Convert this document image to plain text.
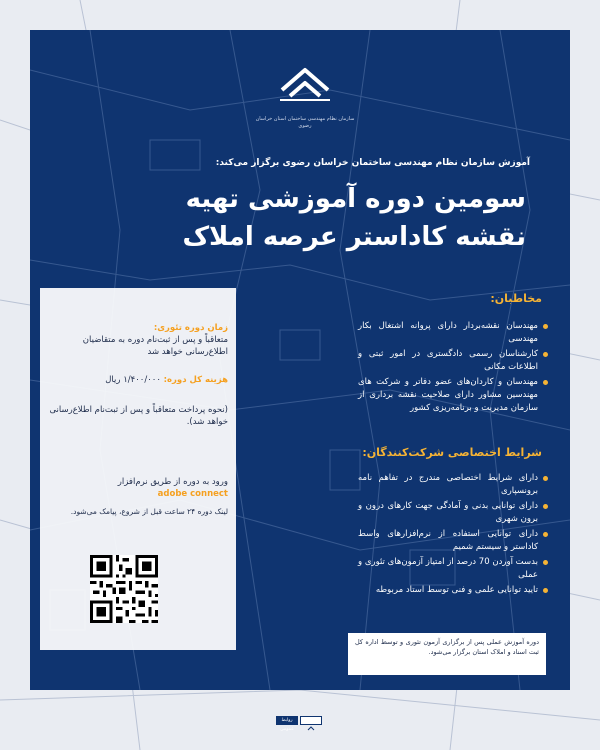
سازمان نظام مهندسی ساختمان استان خراسان رضوی
آموزش سازمان نظام مهندسی ساختمان خراسان رضوی برگزار می‌کند:
سومین دوره آموزشی تهیه
نقشه کاداستر عرصه املاک
مخاطبان:
مهندسان نقشه‌بردار دارای پروانه اشتغال بکار مهندسی
کارشناسان رسمی دادگستری در امور ثبتی و اطلاعات مکانی
مهندسان و کاردان‌های عضو دفاتر و شرکت های مهندسین مشاور دارای صلاحیت نقشه برداری از سازمان مدیریت و برنامه‌ریزی کشور
شرایط اختصاصی شرکت‌کنندگان:
دارای شرایط اختصاصی مندرج در تفاهم نامه برونسپاری
دارای توانایی بدنی و آمادگی جهت کارهای درون و برون شهری
دارای توانایی استفاده از نرم‌افزارهای واسط کاداستر و سیستم شمیم
بدست آوردن 70 درصد از امتیاز آزمون‌های تئوری و عملی
تایید توانایی علمی و فنی توسط استاد مربوطه
دوره آموزش عملی پس از برگزاری آزمون تئوری و توسط اداره کل ثبت اسناد و املاک استان برگزار می‌شود.
زمان دوره تئوری:
متعاقباً و پس از ثبت‌نام دوره به متقاضیان اطلاع‌رسانی خواهد شد
هزینه کل دوره: ۱/۴۰۰/۰۰۰ ریال
(نحوه پرداخت متعاقباً و پس از ثبت‌نام اطلاع‌رسانی خواهد شد).
ورود به دوره از طریق نرم‌افزار
adobe connect
لینک دوره ۲۴ ساعت قبل از شروع، پیامک می‌شود.
روابط عمومی
